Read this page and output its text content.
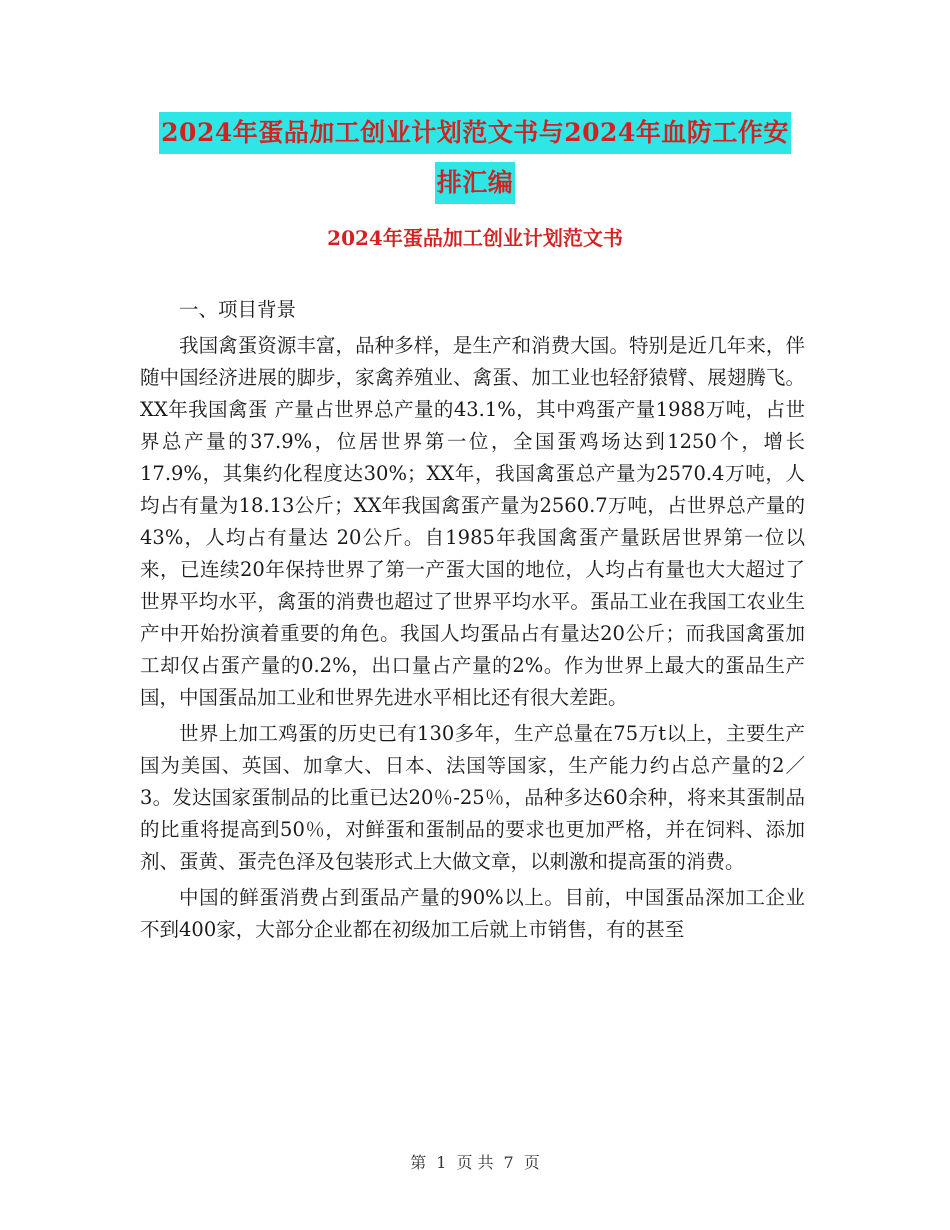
2024年蛋品加工创业计划范文书与2024年血防工作安
排汇编
2024年蛋品加工创业计划范文书

一、项目背景

我国禽蛋资源丰富，品种多样，是生产和消费大国。特别是近几年来，伴随中国经济进展的脚步，家禽养殖业、禽蛋、加工业也轻舒猿臂、展翅腾飞。XX年我国禽蛋 产量占世界总产量的43.1%，其中鸡蛋产量1988万吨，占世界总产量的37.9%，位居世界第一位，全国蛋鸡场达到1250个，增长17.9%，其集约化程度达30%；XX年，我国禽蛋总产量为2570.4万吨，人均占有量为18.13公斤；XX年我国禽蛋产量为2560.7万吨，占世界总产量的43%，人均占有量达 20公斤。自1985年我国禽蛋产量跃居世界第一位以来，已连续20年保持世界了第一产蛋大国的地位，人均占有量也大大超过了世界平均水平，禽蛋的消费也超过了世界平均水平。蛋品工业在我国工农业生产中开始扮演着重要的角色。我国人均蛋品占有量达20公斤；而我国禽蛋加工却仅占蛋产量的0.2%，出口量占产量的2%。作为世界上最大的蛋品生产国，中国蛋品加工业和世界先进水平相比还有很大差距。

世界上加工鸡蛋的历史已有130多年，生产总量在75万t以上，主要生产国为美国、英国、加拿大、日本、法国等国家，生产能力约占总产量的2／3。发达国家蛋制品的比重已达20％-25％，品种多达60余种，将来其蛋制品的比重将提高到50％，对鲜蛋和蛋制品的要求也更加严格，并在饲料、添加剂、蛋黄、蛋壳色泽及包装形式上大做文章，以刺激和提高蛋的消费。

中国的鲜蛋消费占到蛋品产量的90%以上。目前，中国蛋品深加工企业不到400家，大部分企业都在初级加工后就上市销售，有的甚至

第 1 页 共 7 页
